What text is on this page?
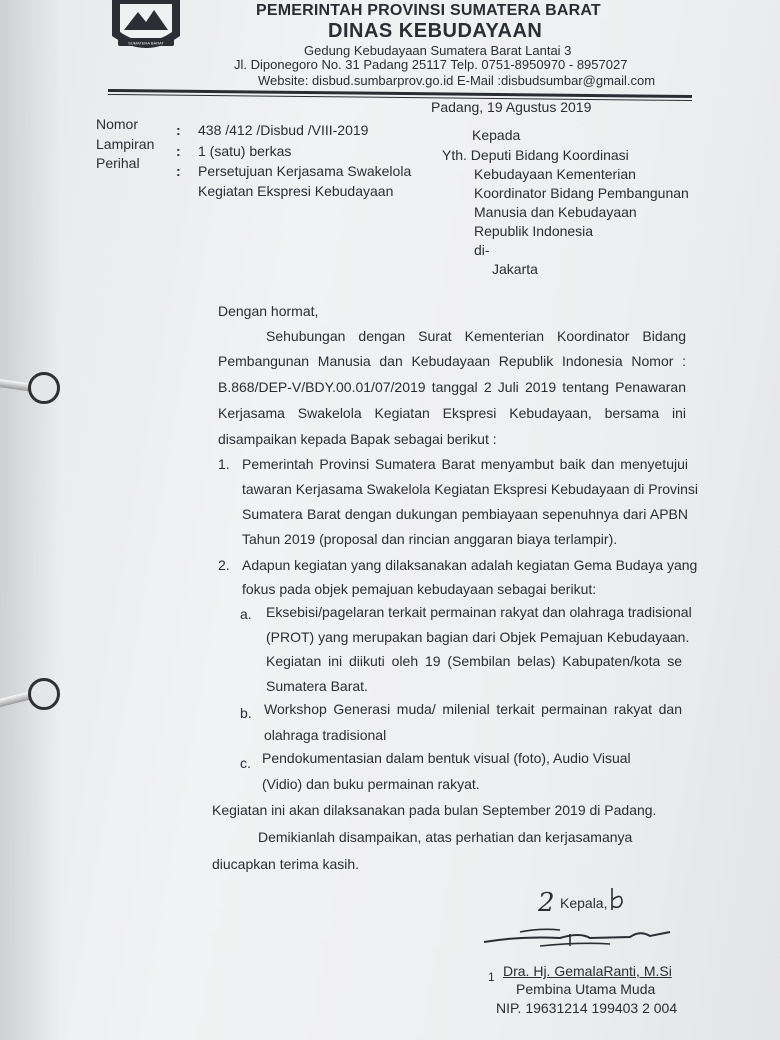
SUMATERA BARAT
PEMERINTAH PROVINSI SUMATERA BARAT
DINAS KEBUDAYAAN
Gedung Kebudayaan Sumatera Barat Lantai 3
Jl. Diponegoro No. 31 Padang 25117 Telp. 0751-8950970 - 8957027
Website: disbud.sumbarprov.go.id E-Mail :disbudsumbar@gmail.com
Padang, 19 Agustus 2019
Nomor	: 438 /412 /Disbud /VIII-2019
Lampiran : 1 (satu) berkas
Perihal	: Persetujuan Kerjasama Swakelola
Kegiatan Ekspresi Kebudayaan
Kepada
Yth. Deputi Bidang Koordinasi
Kebudayaan Kementerian
Koordinator Bidang Pembangunan
Manusia dan Kebudayaan
Republik Indonesia
di-
Jakarta
Dengan hormat,
Sehubungan dengan Surat Kementerian Koordinator Bidang
Pembangunan Manusia dan Kebudayaan Republik Indonesia Nomor :
B.868/DEP-V/BDY.00.01/07/2019 tanggal 2 Juli 2019 tentang Penawaran
Kerjasama Swakelola Kegiatan Ekspresi Kebudayaan, bersama ini
disampaikan kepada Bapak sebagai berikut :
1. Pemerintah Provinsi Sumatera Barat menyambut baik dan menyetujui
tawaran Kerjasama Swakelola Kegiatan Ekspresi Kebudayaan di Provinsi
Sumatera Barat dengan dukungan pembiayaan sepenuhnya dari APBN
Tahun 2019 (proposal dan rincian anggaran biaya terlampir).
2. Adapun kegiatan yang dilaksanakan adalah kegiatan Gema Budaya yang
fokus pada objek pemajuan kebudayaan sebagai berikut:
a. Eksebisi/pagelaran terkait permainan rakyat dan olahraga tradisional
(PROT) yang merupakan bagian dari Objek Pemajuan Kebudayaan.
Kegiatan ini diikuti oleh 19 (Sembilan belas) Kabupaten/kota se
Sumatera Barat.
b. Workshop Generasi muda/ milenial terkait permainan rakyat dan
olahraga tradisional
c. Pendokumentasian dalam bentuk visual (foto), Audio Visual
(Vidio) dan buku permainan rakyat.
Kegiatan ini akan dilaksanakan pada bulan September 2019 di Padang.
Demikianlah disampaikan, atas perhatian dan kerjasamanya
diucapkan terima kasih.
2 Kepala,
1 Dra. Hj. GemalaRanti, M.Si
Pembina Utama Muda
NIP. 19631214 199403 2 004
